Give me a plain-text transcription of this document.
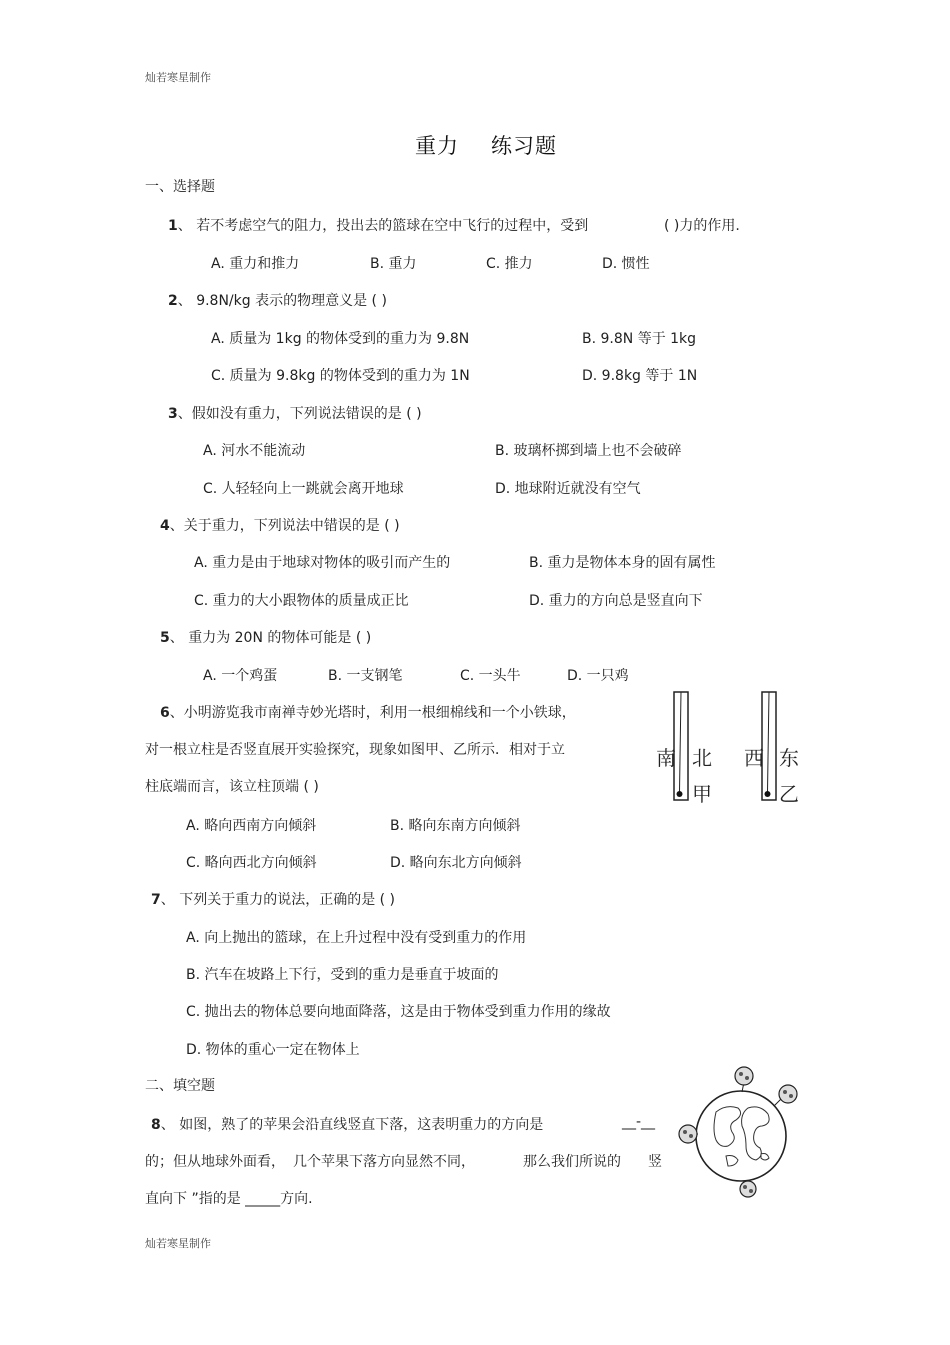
灿若寒星制作
灿若寒星制作
重力 练习题
一、选择题
1、 若不考虑空气的阻力，投出去的篮球在空中飞行的过程中，受到	( )力的作用.
A. 重力和推力	B. 重力	C. 推力	D. 惯性
2、 9.8N/kg 表示的物理意义是 ( )
A. 质量为 1kg 的物体受到的重力为 9.8N	B. 9.8N 等于 1kg
C. 质量为 9.8kg 的物体受到的重力为 1N	D. 9.8kg 等于 1N
3、假如没有重力，下列说法错误的是 ( )
A. 河水不能流动	B. 玻璃杯掷到墙上也不会破碎
C. 人轻轻向上一跳就会离开地球	D. 地球附近就没有空气
4、关于重力，下列说法中错误的是 ( )
A. 重力是由于地球对物体的吸引而产生的	B. 重力是物体本身的固有属性
C. 重力的大小跟物体的质量成正比	D. 重力的方向总是竖直向下
5、 重力为 20N 的物体可能是 ( )
A. 一个鸡蛋	B. 一支钢笔	C. 一头牛	D. 一只鸡
6、小明游览我市南禅寺妙光塔时，利用一根细棉线和一个小铁球，
对一根立柱是否竖直展开实验探究，现象如图甲、乙所示．相对于立
柱底端而言，该立柱顶端 ( )
A. 略向西南方向倾斜	B. 略向东南方向倾斜
C. 略向西北方向倾斜	D. 略向东北方向倾斜
南 北
甲
西 东
乙
7、 下列关于重力的说法，正确的是 ( )
A. 向上抛出的篮球，在上升过程中没有受到重力的作用
B. 汽车在坡路上下行，受到的重力是垂直于坡面的
C. 抛出去的物体总要向地面降落，这是由于物体受到重力作用的缘故
D. 物体的重心一定在物体上
二、填空题
8、 如图，熟了的苹果会沿直线竖直下落，这表明重力的方向是	__-__
的；但从地球外面看， 几个苹果下落方向显然不同，	那么我们所说的 竖
直向下 ”指的是 _____方向.
